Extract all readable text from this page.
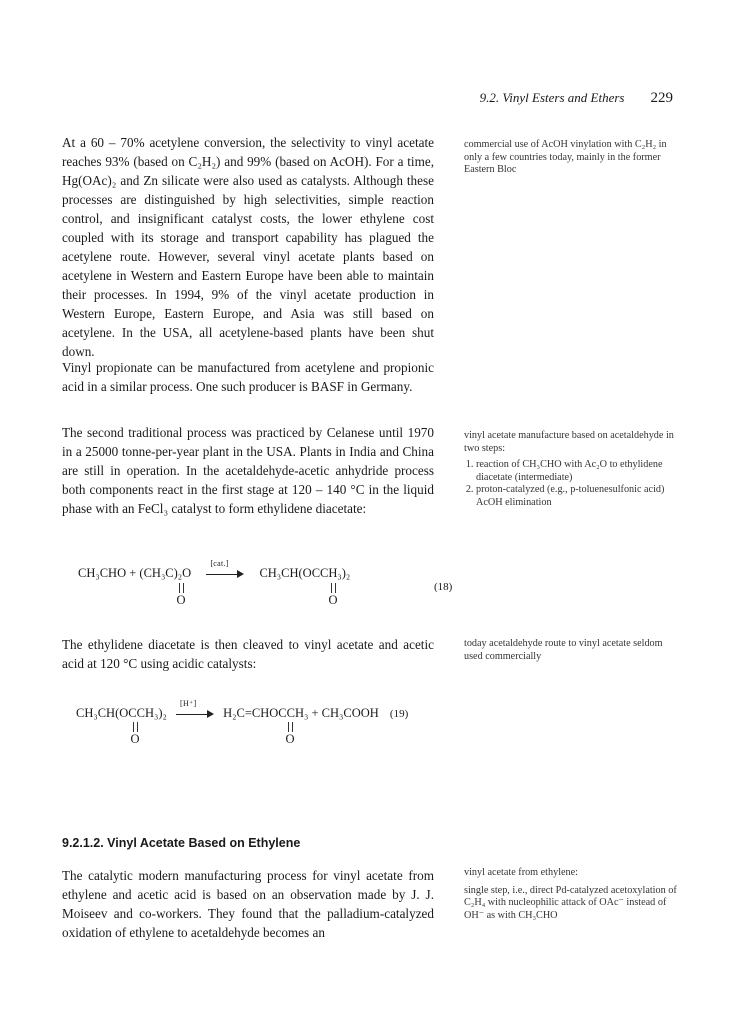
9.2. Vinyl Esters and Ethers 229

At a 60 – 70% acetylene conversion, the selectivity to vinyl acetate reaches 93% (based on C₂H₂) and 99% (based on AcOH). For a time, Hg(OAc)₂ and Zn silicate were also used as catalysts. Although these processes are distinguished by high selectivities, simple reaction control, and insignificant catalyst costs, the lower ethylene cost coupled with its storage and transport capability has plagued the acetylene route. However, several vinyl acetate plants based on acetylene in Western and Eastern Europe have been able to maintain their processes. In 1994, 9% of the vinyl acetate production in Western Europe, Eastern Europe, and Asia was still based on acetylene. In the USA, all acetylene-based plants have been shut down.

Vinyl propionate can be manufactured from acetylene and propionic acid in a similar process. One such producer is BASF in Germany.

The second traditional process was practiced by Celanese until 1970 in a 25000 tonne-per-year plant in the USA. Plants in India and China are still in operation. In the acetaldehyde-acetic anhydride process both components react in the first stage at 120 – 140 °C in the liquid phase with an FeCl₃ catalyst to form ethylidene diacetate:

CH₃CHO + (CH₃C)₂O
[cat.]
CH₃CH(OCCH₃)₂

O	O
(18)

The ethylidene diacetate is then cleaved to vinyl acetate and acetic acid at 120 °C using acidic catalysts:

CH₃CH(OCCH₃)₂
[H⁺]
H₂C=CHOCCH₃ + CH₃COOH (19)

O	O
9.2.1.2. Vinyl Acetate Based on Ethylene

The catalytic modern manufacturing process for vinyl acetate from ethylene and acetic acid is based on an observation made by J. J. Moiseev and co-workers. They found that the palladium-catalyzed oxidation of ethylene to acetaldehyde becomes an

commercial use of AcOH vinylation with C₂H₂ in only a few countries today, mainly in the former Eastern Bloc

vinyl acetate manufacture based on acetaldehyde in two steps:
1. reaction of CH₃CHO with Ac₂O to ethylidene diacetate (intermediate)
2. proton-catalyzed (e.g., p-toluenesulfonic acid) AcOH elimination

today acetaldehyde route to vinyl acetate seldom used commercially

vinyl acetate from ethylene:
single step, i.e., direct Pd-catalyzed acetoxylation of C₂H₄ with nucleophilic attack of OAc⁻ instead of OH⁻ as with CH₃CHO
